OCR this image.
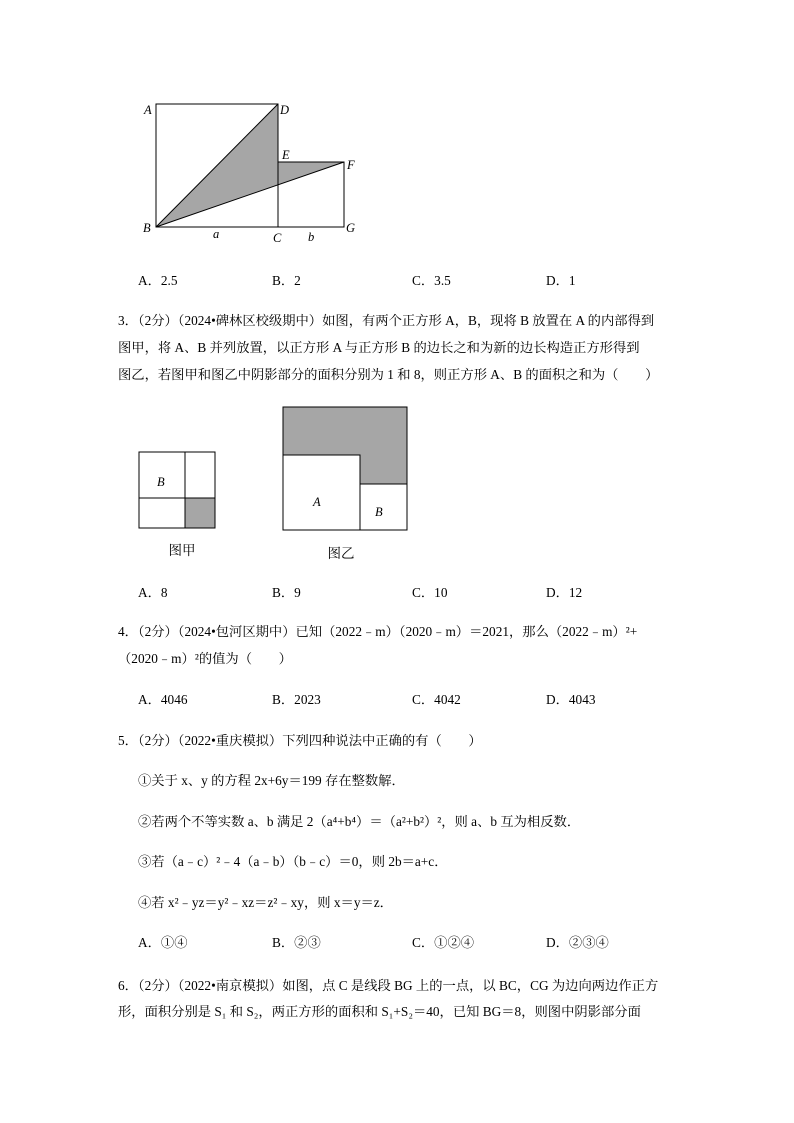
A	D
E
F
B
C
G
a	b
A．2.5	B．2	C．3.5	D．1
3．（2分）（2024•碑林区校级期中）如图，有两个正方形 A，B，现将 B 放置在 A 的内部得到
图甲，将 A、B 并列放置，以正方形 A 与正方形 B 的边长之和为新的边长构造正方形得到
图乙，若图甲和图乙中阴影部分的面积分别为 1 和 8，则正方形 A、B 的面积之和为（　　）
B
图甲
A
B
图乙
A．8	B．9	C．10	D．12
4．（2分）（2024•包河区期中）已知（2022﹣m）（2020﹣m）＝2021，那么（2022﹣m）²+
（2020﹣m）²的值为（　　）
A．4046	B．2023	C．4042	D．4043
5．（2分）（2022•重庆模拟）下列四种说法中正确的有（　　）
①关于 x、y 的方程 2x+6y＝199 存在整数解．
②若两个不等实数 a、b 满足 2（a⁴+b⁴）＝（a²+b²）²，则 a、b 互为相反数．
③若（a﹣c）²﹣4（a﹣b）（b﹣c）＝0，则 2b＝a+c．
④若 x²﹣yz＝y²﹣xz＝z²﹣xy，则 x＝y＝z．
A．①④	B．②③	C．①②④	D．②③④
6．（2分）（2022•南京模拟）如图，点 C 是线段 BG 上的一点，以 BC，CG 为边向两边作正方
形，面积分别是 S₁ 和 S₂，两正方形的面积和 S₁+S₂＝40，已知 BG＝8，则图中阴影部分面
